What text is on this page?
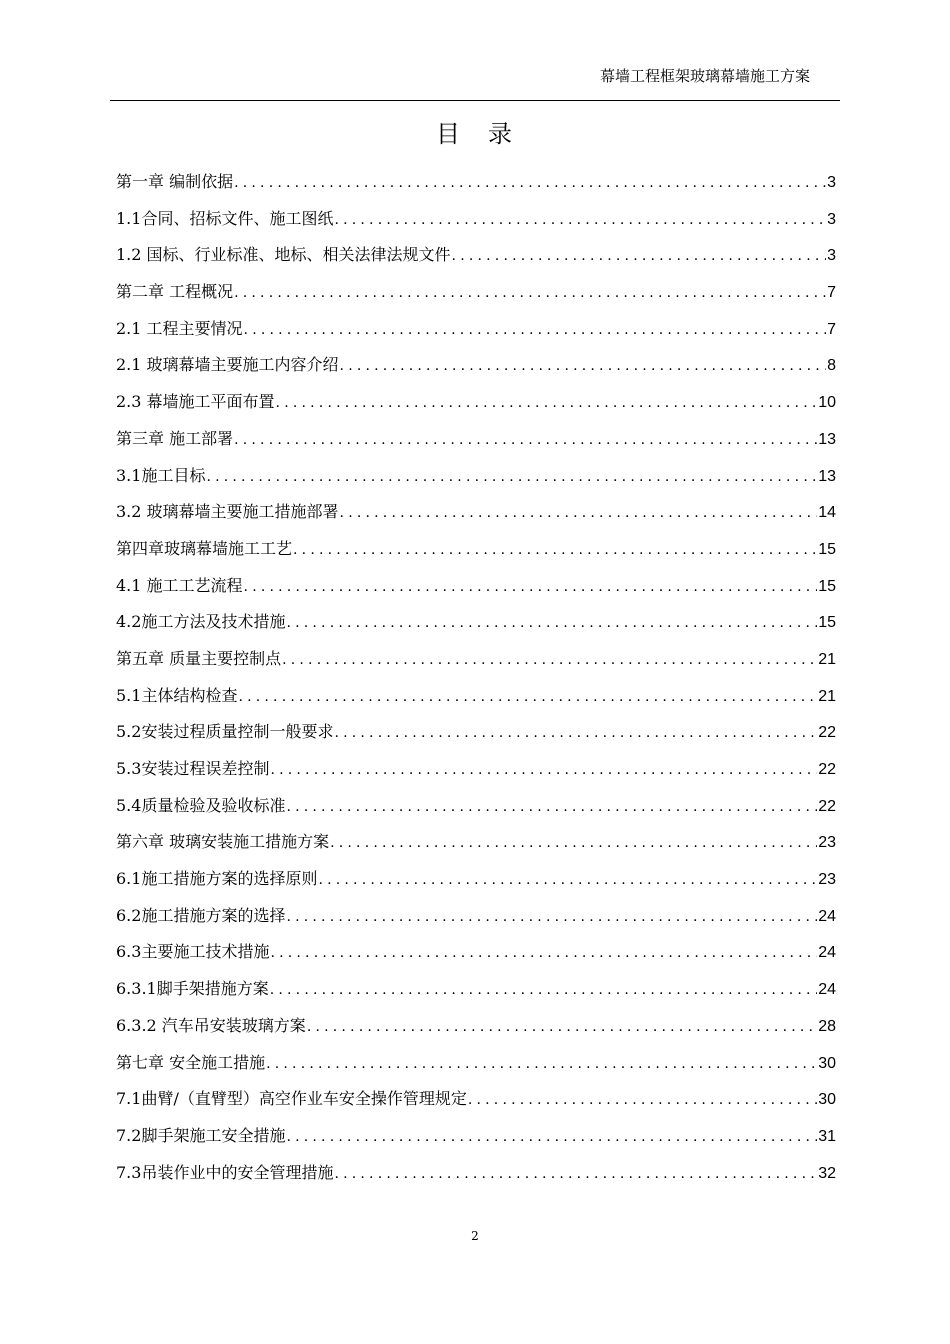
幕墙工程框架玻璃幕墙施工方案
目 录
第一章 编制依据 .....	3
1.1合同、招标文件、施工图纸 .....	3
1.2 国标、行业标准、地标、相关法律法规文件 .....	3
第二章 工程概况 .....	7
2.1 工程主要情况 .....	7
2.1 玻璃幕墙主要施工内容介绍 .....	8
2.3 幕墙施工平面布置 .....	10
第三章 施工部署 .....	13
3.1施工目标 .....	13
3.2 玻璃幕墙主要施工措施部署 .....	14
第四章玻璃幕墙施工工艺 .....	15
4.1 施工工艺流程 .....	15
4.2施工方法及技术措施 .....	15
第五章 质量主要控制点 .....	21
5.1主体结构检查 .....	21
5.2安装过程质量控制一般要求 .....	22
5.3安装过程误差控制 .....	22
5.4质量检验及验收标准 .....	22
第六章 玻璃安装施工措施方案 .....	23
6.1施工措施方案的选择原则 .....	23
6.2施工措施方案的选择 .....	24
6.3主要施工技术措施 .....	24
6.3.1脚手架措施方案 .....	24
6.3.2 汽车吊安装玻璃方案 .....	28
第七章 安全施工措施 .....	30
7.1曲臂/（直臂型）高空作业车安全操作管理规定 .....	30
7.2脚手架施工安全措施 .....	31
7.3吊装作业中的安全管理措施 .....	32
2
